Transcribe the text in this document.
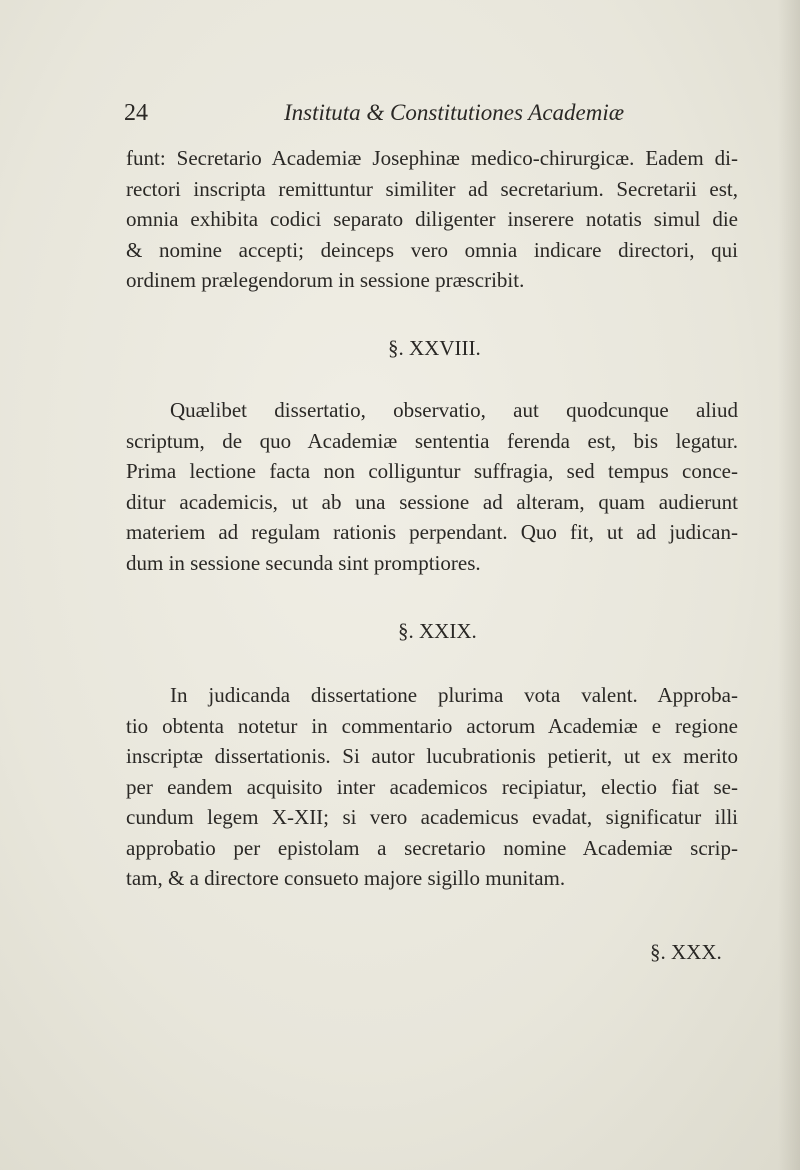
24	Instituta & Constitutiones Academiæ
funt: Secretario Academiæ Josephinæ medico-chirurgicæ. Eadem di-
rectori inscripta remittuntur similiter ad secretarium. Secretarii est,
omnia exhibita codici separato diligenter inserere notatis simul die
& nomine accepti; deinceps vero omnia indicare directori, qui
ordinem prælegendorum in sessione præscribit.
§. XXVIII.
Quælibet dissertatio, observatio, aut quodcunque aliud
scriptum, de quo Academiæ sententia ferenda est, bis legatur.
Prima lectione facta non colliguntur suffragia, sed tempus conce-
ditur academicis, ut ab una sessione ad alteram, quam audierunt
materiem ad regulam rationis perpendant. Quo fit, ut ad judican-
dum in sessione secunda sint promptiores.
§. XXIX.
In judicanda dissertatione plurima vota valent. Approba-
tio obtenta notetur in commentario actorum Academiæ e regione
inscriptæ dissertationis. Si autor lucubrationis petierit, ut ex merito
per eandem acquisito inter academicos recipiatur, electio fiat se-
cundum legem X-XII; si vero academicus evadat, significatur illi
approbatio per epistolam a secretario nomine Academiæ scrip-
tam, & a directore consueto majore sigillo munitam.
§. XXX.
